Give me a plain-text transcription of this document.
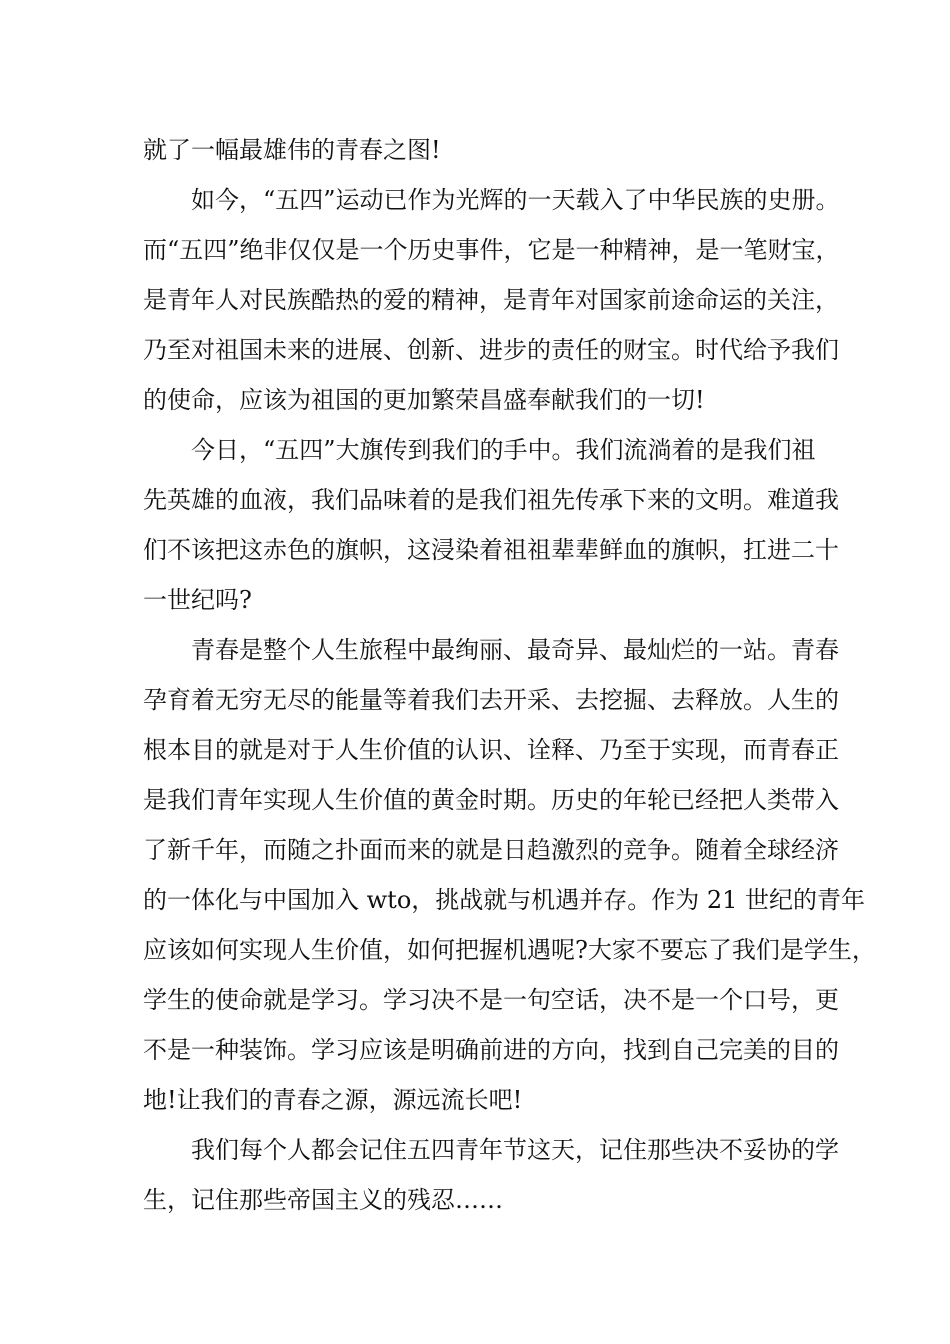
就了一幅最雄伟的青春之图!
如今，“五四”运动已作为光辉的一天载入了中华民族的史册。
而“五四”绝非仅仅是一个历史事件，它是一种精神，是一笔财宝，
是青年人对民族酷热的爱的精神，是青年对国家前途命运的关注，
乃至对祖国未来的进展、创新、进步的责任的财宝。时代给予我们
的使命，应该为祖国的更加繁荣昌盛奉献我们的一切!
今日，“五四”大旗传到我们的手中。我们流淌着的是我们祖
先英雄的血液，我们品味着的是我们祖先传承下来的文明。难道我
们不该把这赤色的旗帜，这浸染着祖祖辈辈鲜血的旗帜，扛进二十
一世纪吗?
青春是整个人生旅程中最绚丽、最奇异、最灿烂的一站。青春
孕育着无穷无尽的能量等着我们去开采、去挖掘、去释放。人生的
根本目的就是对于人生价值的认识、诠释、乃至于实现，而青春正
是我们青年实现人生价值的黄金时期。历史的年轮已经把人类带入
了新千年，而随之扑面而来的就是日趋激烈的竞争。随着全球经济
的一体化与中国加入 wto，挑战就与机遇并存。作为 21 世纪的青年
应该如何实现人生价值，如何把握机遇呢?大家不要忘了我们是学生，
学生的使命就是学习。学习决不是一句空话，决不是一个口号，更
不是一种装饰。学习应该是明确前进的方向，找到自己完美的目的
地!让我们的青春之源，源远流长吧!
我们每个人都会记住五四青年节这天，记住那些决不妥协的学
生，记住那些帝国主义的残忍……
